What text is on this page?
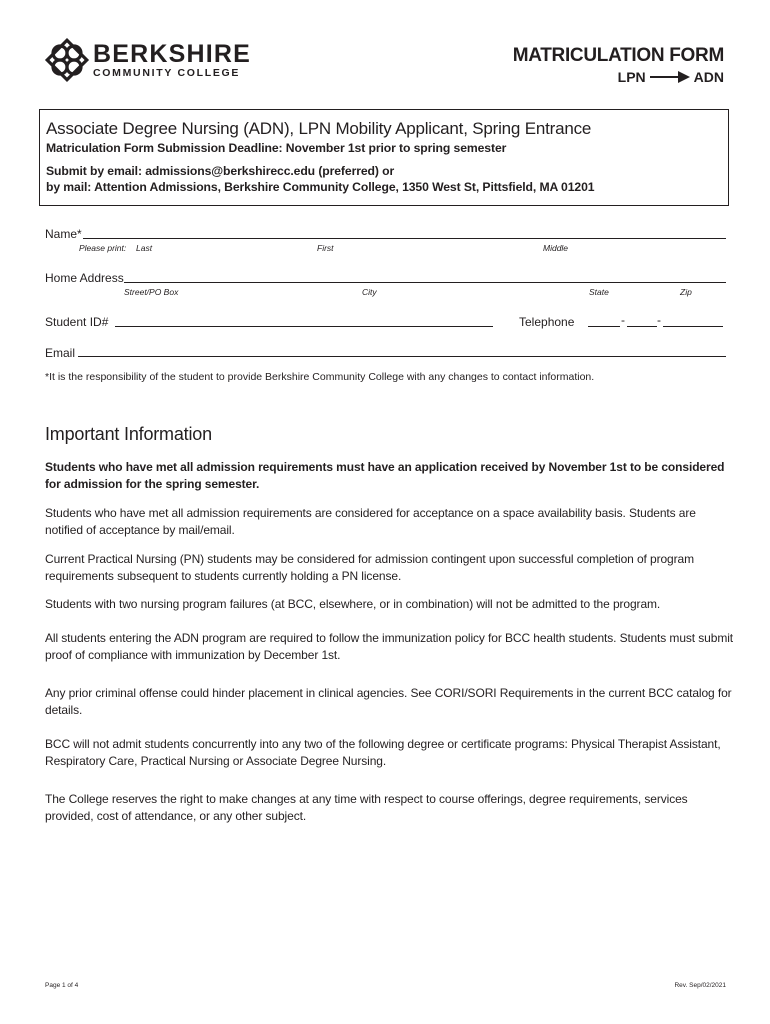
BERKSHIRE
COMMUNITY COLLEGE
MATRICULATION FORM
LPN	ADN
Associate Degree Nursing (ADN), LPN Mobility Applicant, Spring Entrance
Matriculation Form Submission Deadline: November 1st prior to spring semester
Submit by email: admissions@berkshirecc.edu (preferred) or
by mail: Attention Admissions, Berkshire Community College, 1350 West St, Pittsfield, MA 01201
Name*
Please print: Last	First	Middle
Home Address
Street/PO Box	City	State	Zip
Student ID#	Telephone	-	-
Email
*It is the responsibility of the student to provide Berkshire Community College with any changes to contact information.
Important Information
Students who have met all admission requirements must have an application received by November 1st to be considered for admission for the spring semester.
Students who have met all admission requirements are considered for acceptance on a space availability basis. Students are notified of acceptance by mail/email.
Current Practical Nursing (PN) students may be considered for admission contingent upon successful completion of program requirements subsequent to students currently holding a PN license.
Students with two nursing program failures (at BCC, elsewhere, or in combination) will not be admitted to the program.
All students entering the ADN program are required to follow the immunization policy for BCC health students. Students must submit proof of compliance with immunization by December 1st.
Any prior criminal offense could hinder placement in clinical agencies. See CORI/SORI Requirements in the current BCC catalog for details.
BCC will not admit students concurrently into any two of the following degree or certificate programs: Physical Therapist Assistant, Respiratory Care, Practical Nursing or Associate Degree Nursing.
The College reserves the right to make changes at any time with respect to course offerings, degree requirements, services provided, cost of attendance, or any other subject.
Page 1 of 4	Rev. Sep/02/2021
